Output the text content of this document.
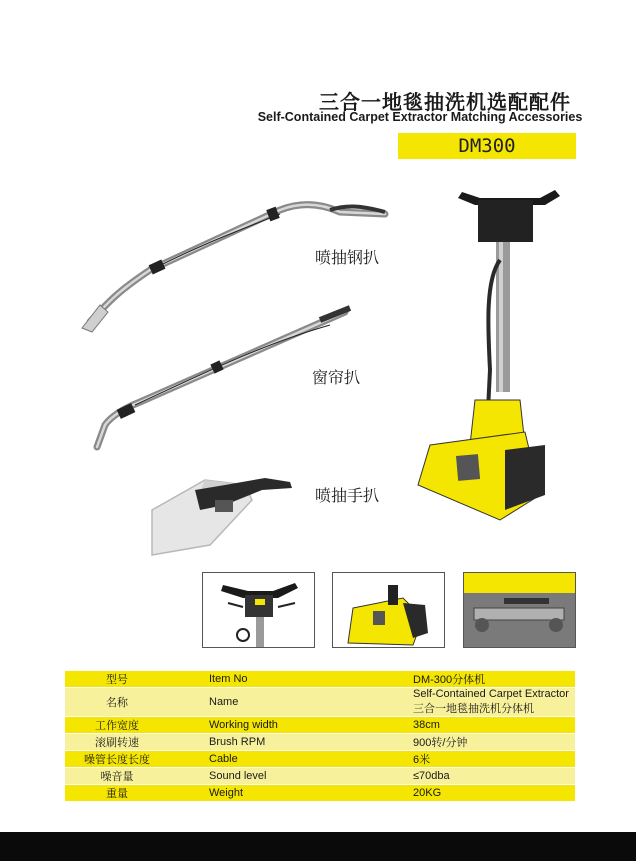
三合一地毯抽洗机选配配件
Self-Contained Carpet Extractor Matching Accessories
DM300
喷抽钢扒
窗帘扒
喷抽手扒
型号	Item No	DM-300分体机
名称	Name	Self-Contained Carpet Extractor
三合一地毯抽洗机分体机

工作宽度	Working width	38cm
滚刷转速	Brush RPM	900转/分钟
噪管长度长度	Cable	6米
噪音量	Sound level	≤70dba
重量	Weight	20KG
